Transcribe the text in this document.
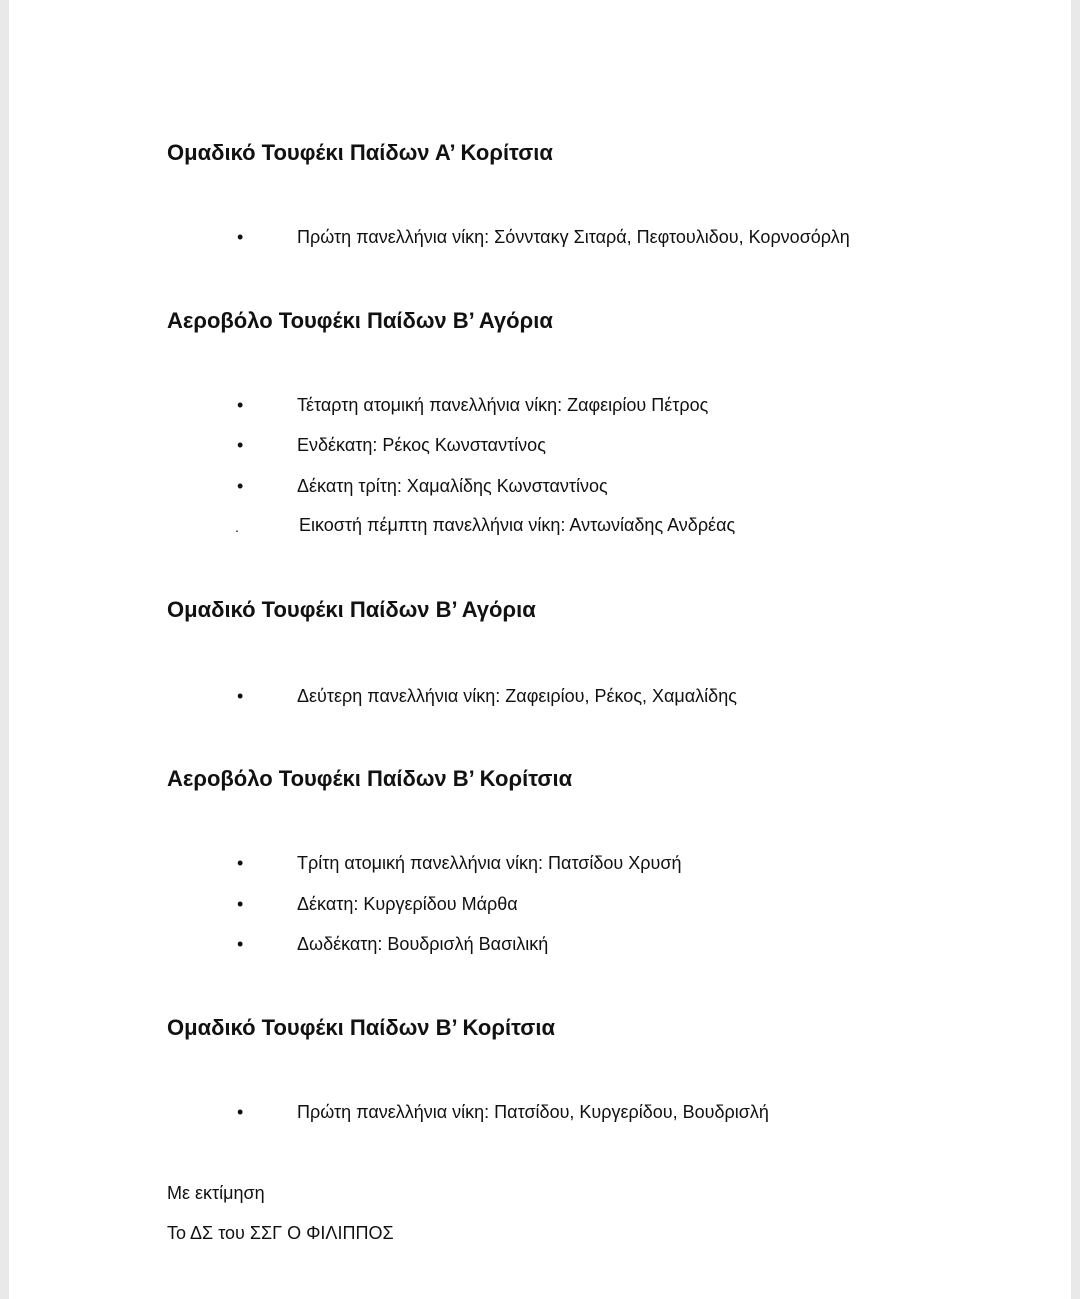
Ομαδικό Τουφέκι Παίδων Α’ Κορίτσια
•	Πρώτη πανελλήνια νίκη: Σόνντακγ Σιταρά, Πεφτουλιδου, Κορνοσόρλη
Αεροβόλο Τουφέκι Παίδων Β’ Αγόρια
•	Τέταρτη ατομική πανελλήνια νίκη: Ζαφειρίου Πέτρος
•	Ενδέκατη: Ρέκος Κωνσταντίνος
•	Δέκατη τρίτη: Χαμαλίδης Κωνσταντίνος
.	Εικοστή πέμπτη πανελλήνια νίκη: Αντωνίαδης Ανδρέας
Ομαδικό Τουφέκι Παίδων Β’ Αγόρια
•	Δεύτερη πανελλήνια νίκη: Ζαφειρίου, Ρέκος, Χαμαλίδης
Αεροβόλο Τουφέκι Παίδων Β’ Κορίτσια
•	Τρίτη ατομική πανελλήνια νίκη: Πατσίδου Χρυσή
•	Δέκατη: Κυργερίδου Μάρθα
•	Δωδέκατη: Βουδρισλή Βασιλική
Ομαδικό Τουφέκι Παίδων Β’ Κορίτσια
•	Πρώτη πανελλήνια νίκη: Πατσίδου, Κυργερίδου, Βουδρισλή
Με εκτίμηση
Το ΔΣ του ΣΣΓ Ο ΦΙΛΙΠΠΟΣ
